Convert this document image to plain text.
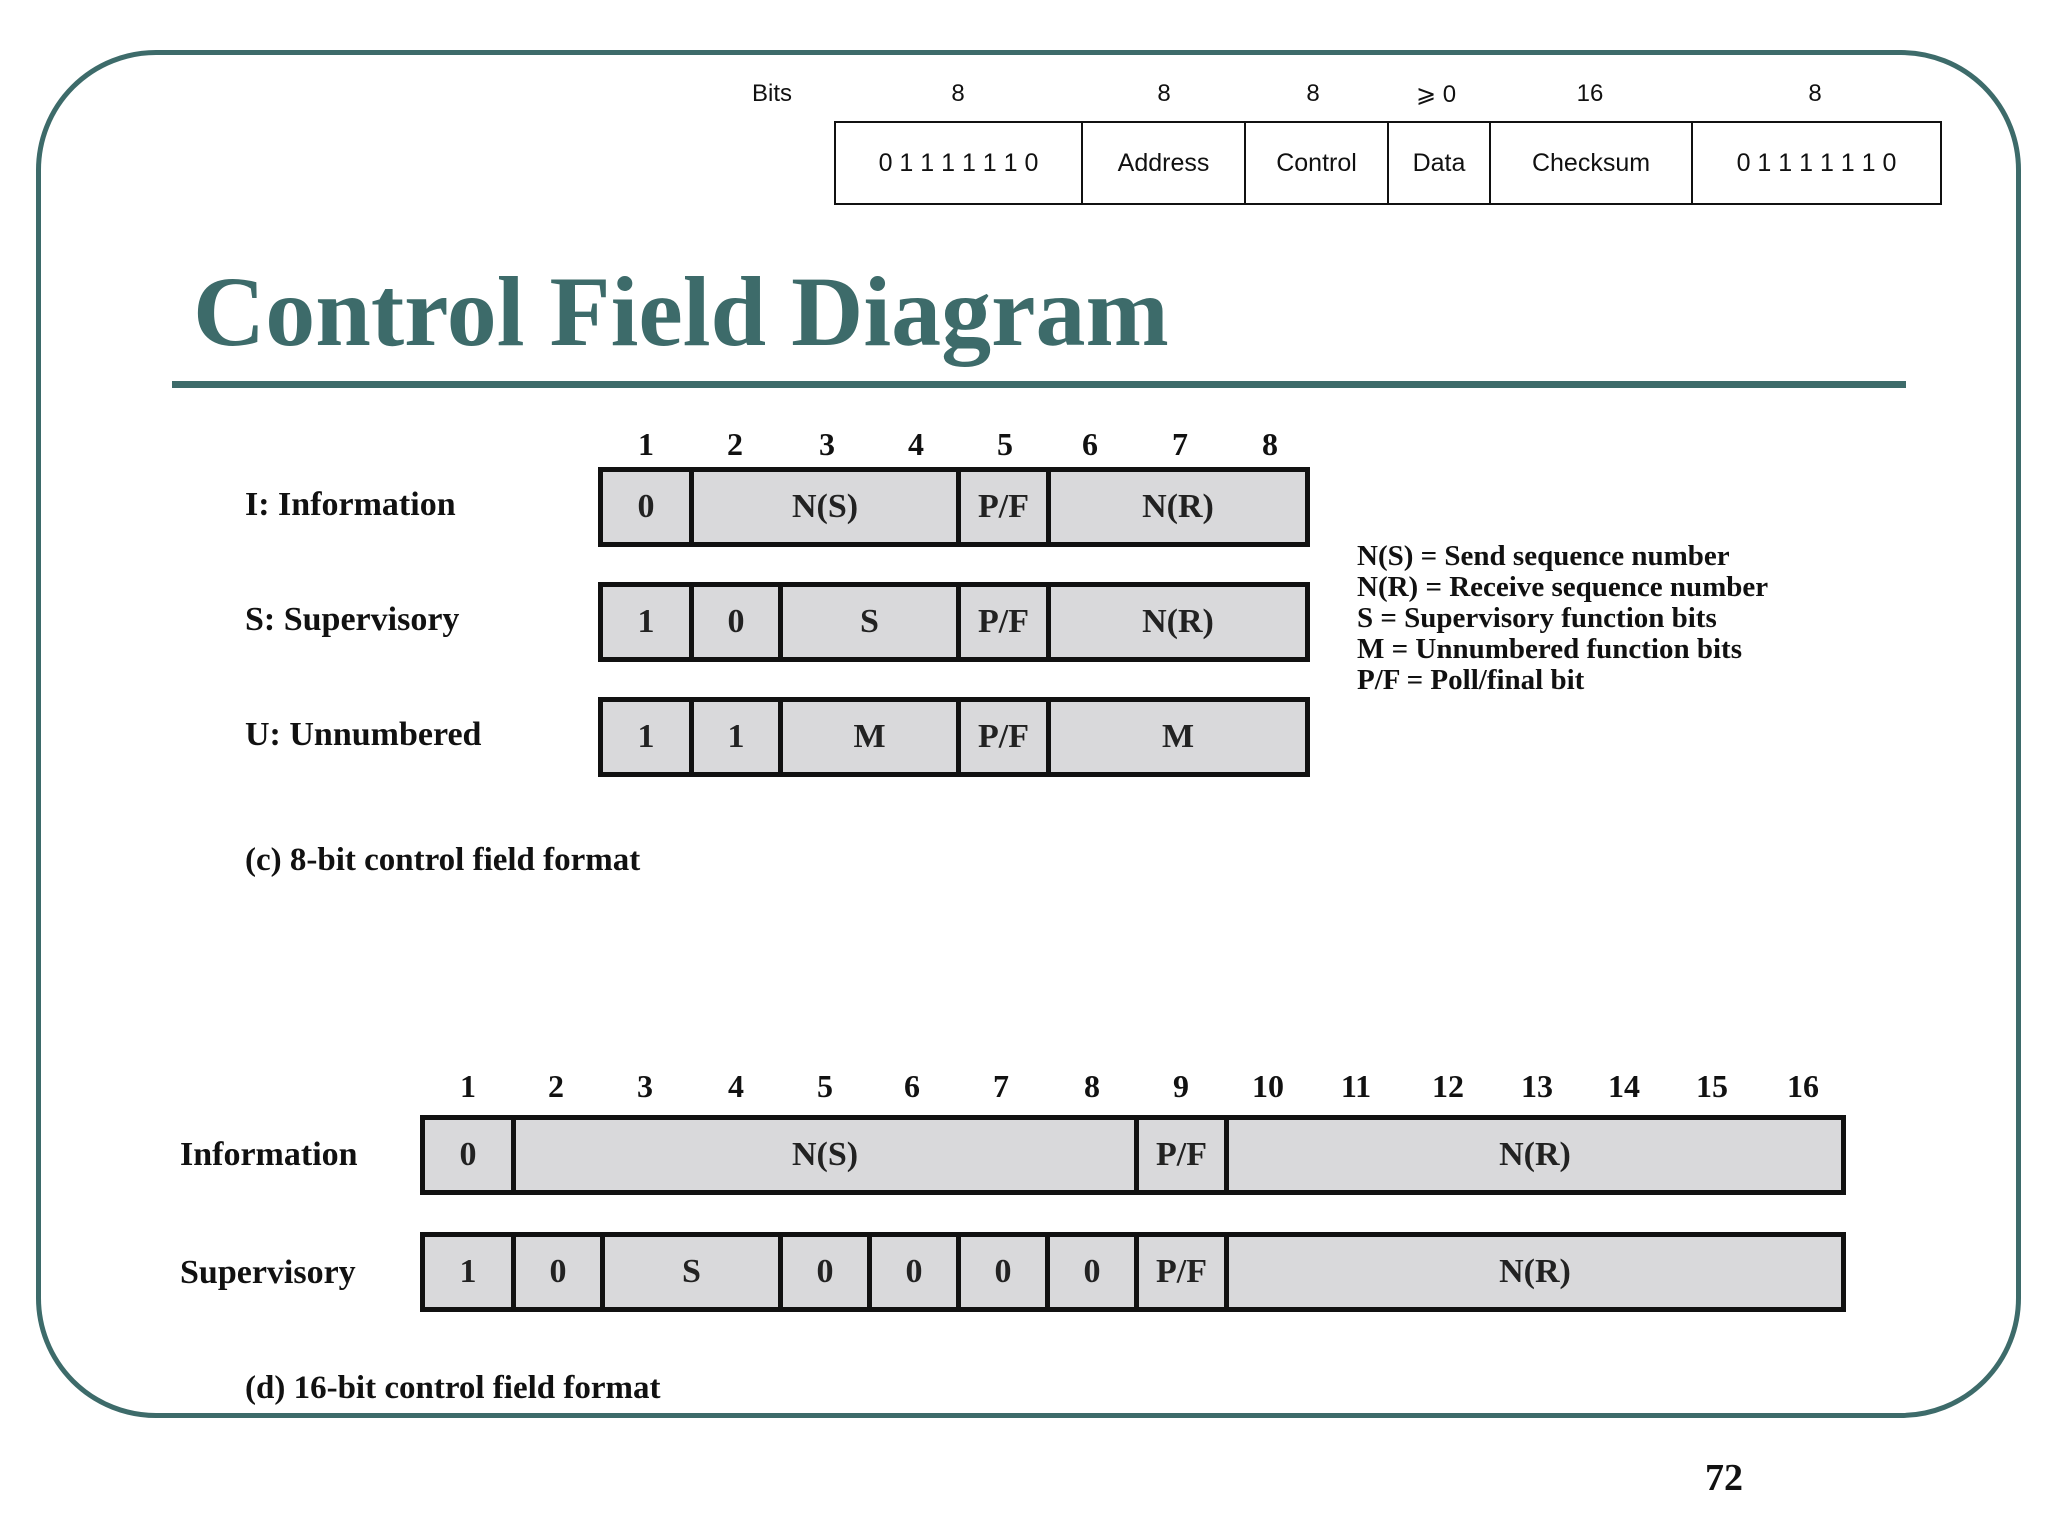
Bits	8	8	8	⩾ 0	16	8
0 1 1 1 1 1 1 0	Address	Control	Data	Checksum	0 1 1 1 1 1 1 0
Control Field Diagram
1 2 3 4 5 6 7 8
I: Information	0	N(S)	P/F	N(R)
S: Supervisory	1	0	S	P/F	N(R)
U: Unnumbered	1	1	M	P/F	M
(c) 8-bit control field format
N(S) = Send sequence number
N(R) = Receive sequence number
S = Supervisory function bits
M = Unnumbered function bits
P/F = Poll/final bit
1 2 3 4 5 6 7 8 9 10 11 12 13 14 15 16
Information	0	N(S)	P/F	N(R)
Supervisory	1	0	S	0	0	0	0	P/F	N(R)
(d) 16-bit control field format
72
